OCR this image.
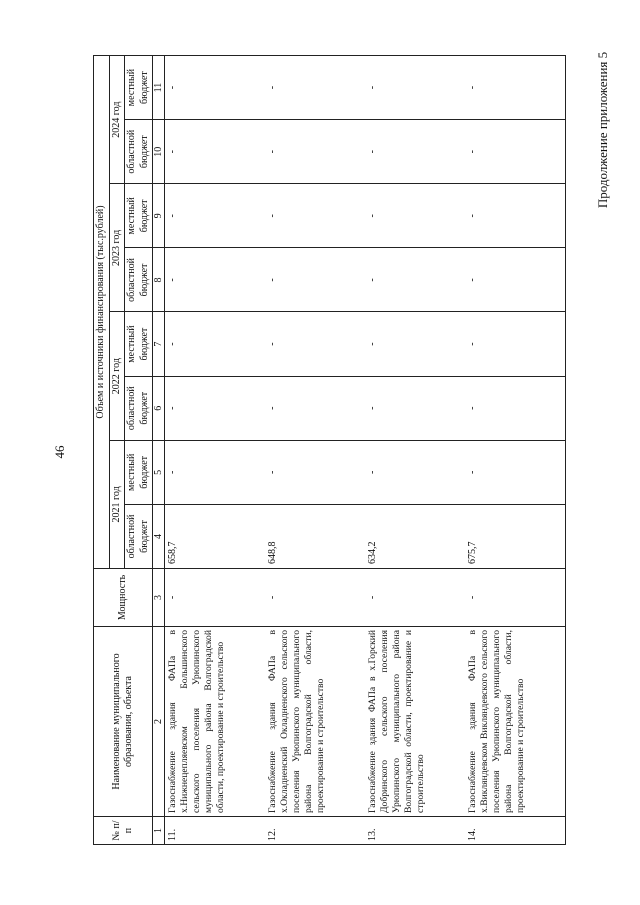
46
Продолжение приложения 5
№ п/п	Наименование муниципального образования, объекта	Мощность	Объем и источники финансирования (тыс.рублей)							
			2021 год		2022 год		2023 год		2024 год	
			областной бюджет	местный бюджет	областной бюджет	местный бюджет	областной бюджет	местный бюджет	областной бюджет	местный бюджет
1	2	3	4	5	6	7	8	9	10	11
11.	Газоснабжение здания ФАПа в х.Нижнецепляевском Большинского сельского поселения Урюпинского муниципального района Волгоградской области, проектирование и строительство	-	658,7	-	-	-	-	-	-	-
12.	Газоснабжение здания ФАПа в х.Окладненский Окладненского сельского поселения Урюпинского муниципального района Волгоградской области, проектирование и строительство	-	648,8	-	-	-	-	-	-	-
13.	Газоснабжение здания ФАПа в х.Горский Добринского сельского поселения Урюпинского муниципального района Волгоградской области, проектирование и строительство	-	634,2	-	-	-	-	-	-	-
14.	Газоснабжение здания ФАПа в х.Викляндевском Викляндевского сельского поселения Урюпинского муниципального района Волгоградской области, проектирование и строительство	-	675,7	-	-	-	-	-	-	-
